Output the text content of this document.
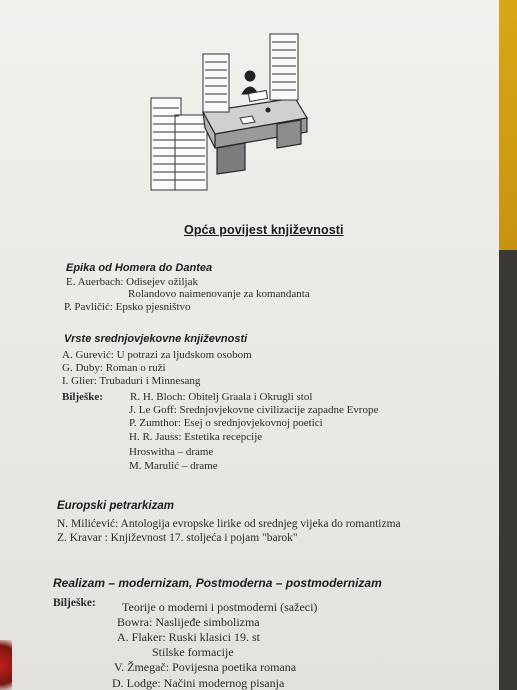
Opća povijest književnosti
Epika od Homera do Dantea
E. Auerbach: Odisejev ožiljak
Rolandovo naimenovanje za komandanta
P. Pavličić: Epsko pjesništvo
Vrste srednjovjekovne književnosti
A. Gurević: U potrazi za ljudskom osobom
G. Duby: Roman o ruži
I. Glier: Trubaduri i Minnesang
Bilješke: R. H. Bloch: Obitelj Graala i Okrugli stol
J. Le Goff: Srednjovjekovne civilizacije zapadne Evrope
P. Zumthor: Esej o srednjovjekovnoj poetici
H. R. Jauss: Estetika recepcije
Hroswitha – drame
M. Marulić – drame
Europski petrarkizam
N. Milićević: Antologija evropske lirike od srednjeg vijeka do romantizma
Z. Kravar : Književnost 17. stoljeća i pojam "barok"
Realizam – modernizam, Postmoderna – postmodernizam
Bilješke: Teorije o moderni i postmoderni (sažeci)
Bowra: Naslijeđe simbolizma
A. Flaker: Ruski klasici 19. st
Stilske formacije
V. Žmegač: Povijesna poetika romana
D. Lodge: Načini modernog pisanja
